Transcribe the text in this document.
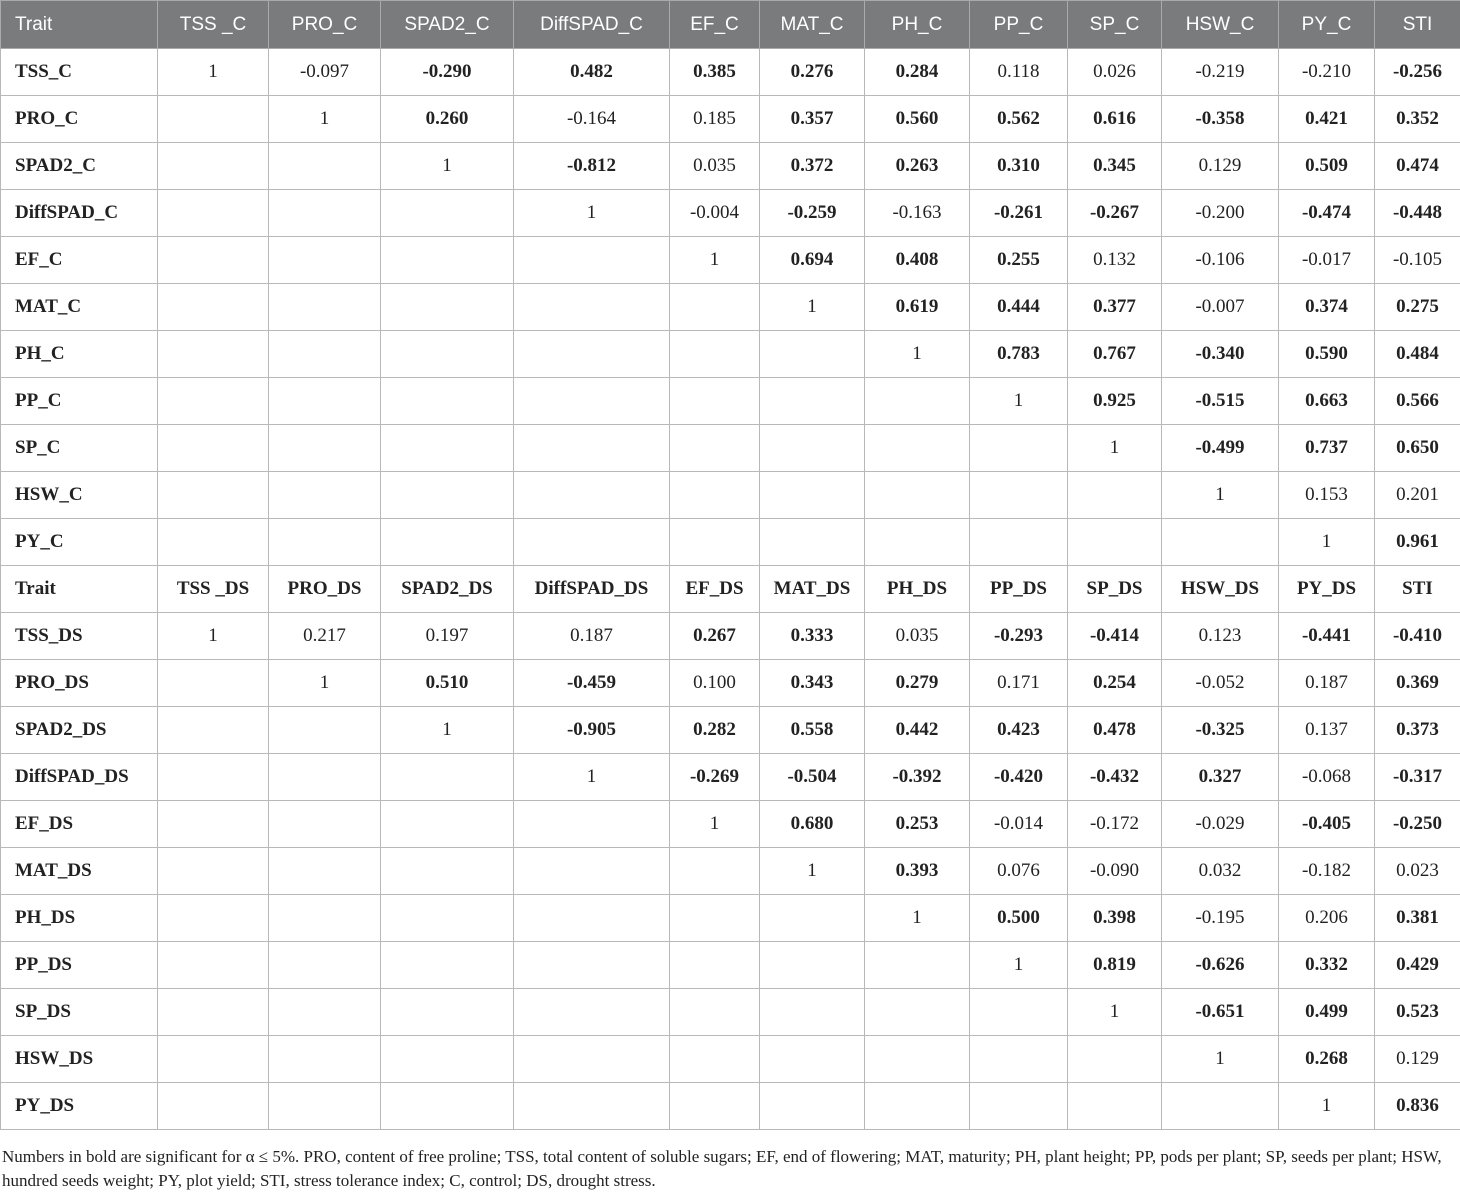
Trait	TSS _C	PRO_C	SPAD2_C	DiffSPAD_C	EF_C	MAT_C	PH_C	PP_C	SP_C	HSW_C	PY_C	STI
TSS_C	1	-0.097	-0.290	0.482	0.385	0.276	0.284	0.118	0.026	-0.219	-0.210	-0.256
PRO_C		1	0.260	-0.164	0.185	0.357	0.560	0.562	0.616	-0.358	0.421	0.352
SPAD2_C			1	-0.812	0.035	0.372	0.263	0.310	0.345	0.129	0.509	0.474
DiffSPAD_C				1	-0.004	-0.259	-0.163	-0.261	-0.267	-0.200	-0.474	-0.448
EF_C					1	0.694	0.408	0.255	0.132	-0.106	-0.017	-0.105
MAT_C						1	0.619	0.444	0.377	-0.007	0.374	0.275
PH_C							1	0.783	0.767	-0.340	0.590	0.484
PP_C								1	0.925	-0.515	0.663	0.566
SP_C									1	-0.499	0.737	0.650
HSW_C										1	0.153	0.201
PY_C											1	0.961
Trait	TSS _DS	PRO_DS	SPAD2_DS	DiffSPAD_DS	EF_DS	MAT_DS	PH_DS	PP_DS	SP_DS	HSW_DS	PY_DS	STI
TSS_DS	1	0.217	0.197	0.187	0.267	0.333	0.035	-0.293	-0.414	0.123	-0.441	-0.410
PRO_DS		1	0.510	-0.459	0.100	0.343	0.279	0.171	0.254	-0.052	0.187	0.369
SPAD2_DS			1	-0.905	0.282	0.558	0.442	0.423	0.478	-0.325	0.137	0.373
DiffSPAD_DS				1	-0.269	-0.504	-0.392	-0.420	-0.432	0.327	-0.068	-0.317
EF_DS					1	0.680	0.253	-0.014	-0.172	-0.029	-0.405	-0.250
MAT_DS						1	0.393	0.076	-0.090	0.032	-0.182	0.023
PH_DS							1	0.500	0.398	-0.195	0.206	0.381
PP_DS								1	0.819	-0.626	0.332	0.429
SP_DS									1	-0.651	0.499	0.523
HSW_DS										1	0.268	0.129
PY_DS											1	0.836
Numbers in bold are significant for α ≤ 5%. PRO, content of free proline; TSS, total content of soluble sugars; EF, end of flowering; MAT, maturity; PH, plant height; PP, pods per plant; SP, seeds per plant; HSW, hundred seeds weight; PY, plot yield; STI, stress tolerance index; C, control; DS, drought stress.
